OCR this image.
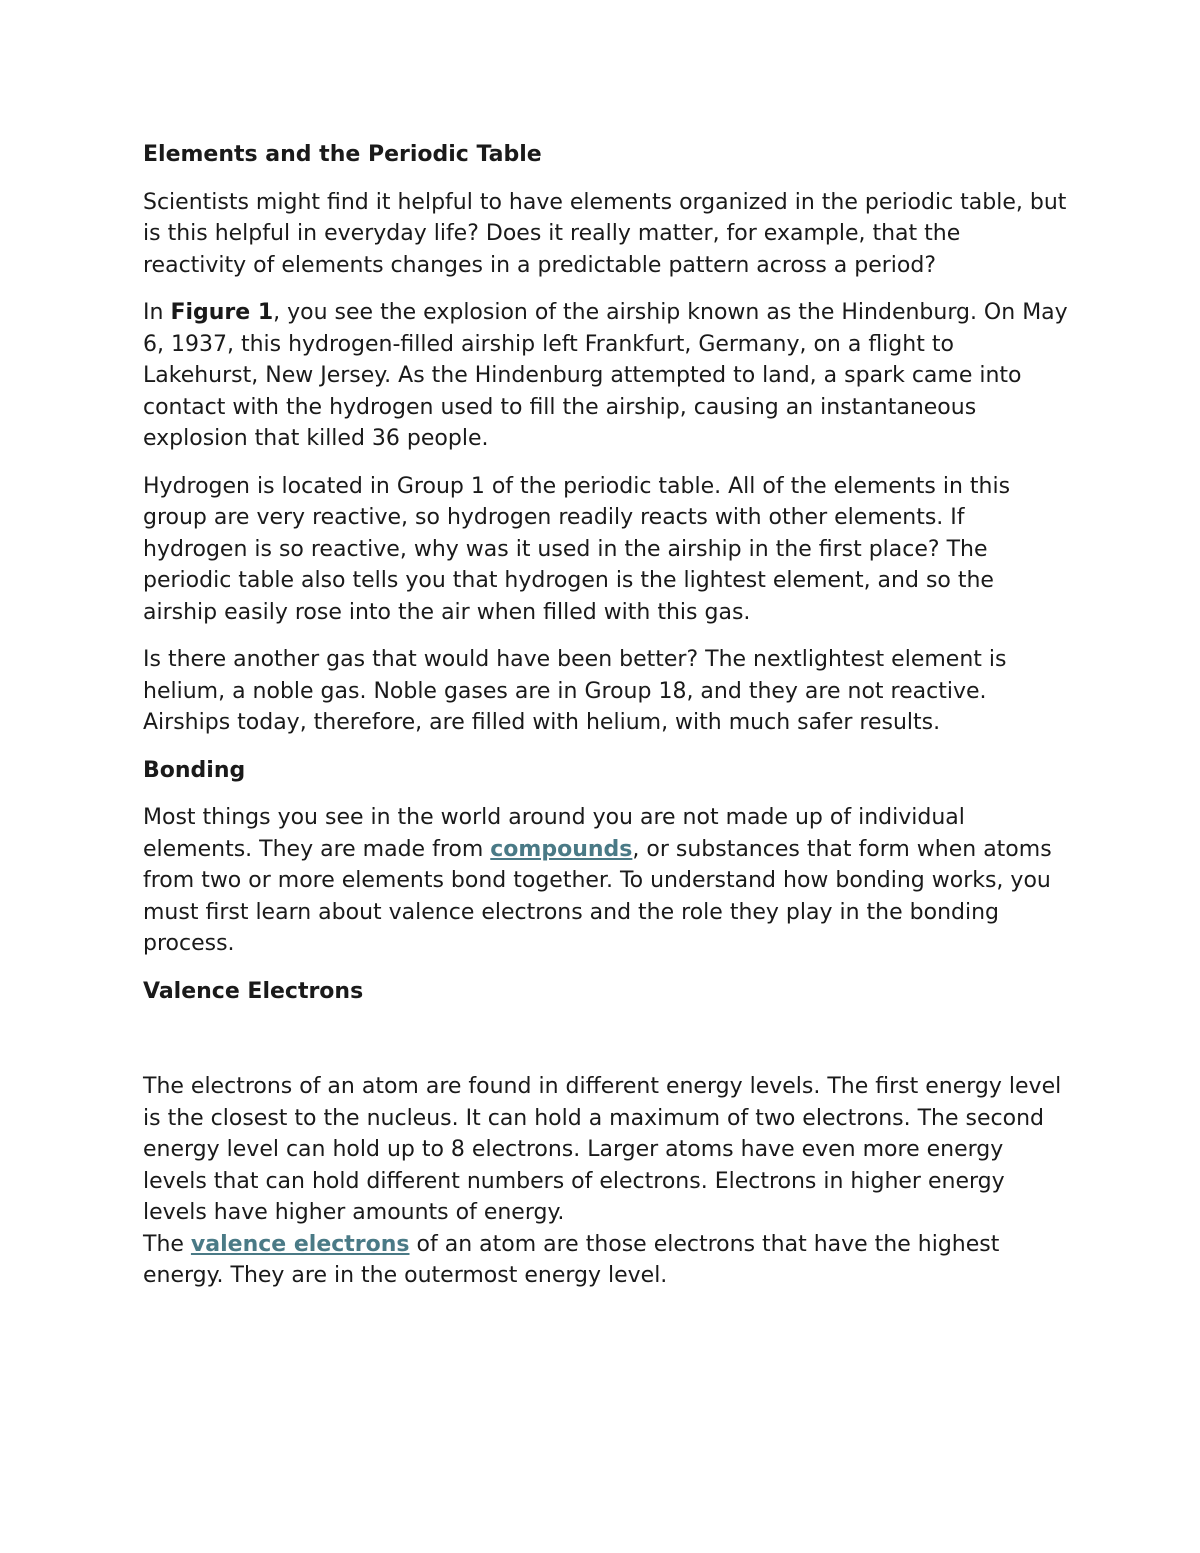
Elements and the Periodic Table
Scientists might find it helpful to have elements organized in the periodic table, but is this helpful in everyday life? Does it really matter, for example, that the reactivity of elements changes in a predictable pattern across a period?
In Figure 1, you see the explosion of the airship known as the Hindenburg. On May 6, 1937, this hydrogen-filled airship left Frankfurt, Germany, on a flight to Lakehurst, New Jersey. As the Hindenburg attempted to land, a spark came into contact with the hydrogen used to fill the airship, causing an instantaneous explosion that killed 36 people.
Hydrogen is located in Group 1 of the periodic table. All of the elements in this group are very reactive, so hydrogen readily reacts with other elements. If hydrogen is so reactive, why was it used in the airship in the first place? The periodic table also tells you that hydrogen is the lightest element, and so the airship easily rose into the air when filled with this gas.
Is there another gas that would have been better? The nextlightest element is helium, a noble gas. Noble gases are in Group 18, and they are not reactive. Airships today, therefore, are filled with helium, with much safer results.
Bonding
Most things you see in the world around you are not made up of individual elements. They are made from compounds, or substances that form when atoms from two or more elements bond together. To understand how bonding works, you must first learn about valence electrons and the role they play in the bonding process.
Valence Electrons
The electrons of an atom are found in different energy levels. The first energy level is the closest to the nucleus. It can hold a maximum of two electrons. The second energy level can hold up to 8 electrons. Larger atoms have even more energy levels that can hold different numbers of electrons. Electrons in higher energy levels have higher amounts of energy.
The valence electrons of an atom are those electrons that have the highest energy. They are in the outermost energy level.
